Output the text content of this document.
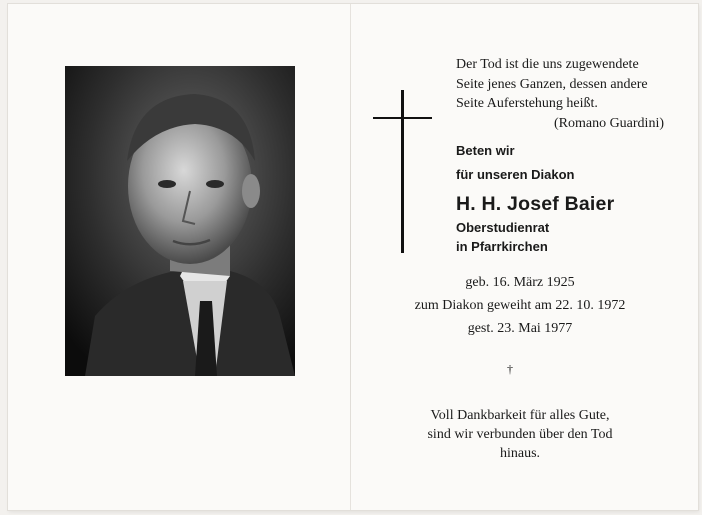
Der Tod ist die uns zugewendete
Seite jenes Ganzen, dessen andere
Seite Auferstehung heißt.
(Romano Guardini)
Beten wir
für unseren Diakon
H. H. Josef Baier
Oberstudienrat
in Pfarrkirchen
geb. 16. März 1925
zum Diakon geweiht am 22. 10. 1972
gest. 23. Mai 1977
†
Voll Dankbarkeit für alles Gute,
sind wir verbunden über den Tod
hinaus.
